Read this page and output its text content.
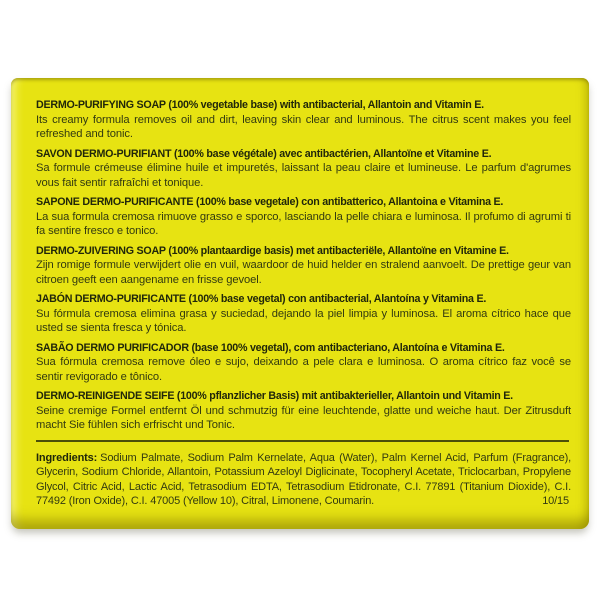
DERMO-PURIFYING SOAP (100% vegetable base) with antibacterial, Allantoin and Vitamin E.
Its creamy formula removes oil and dirt, leaving skin clear and luminous. The citrus scent makes you feel refreshed and tonic.
SAVON DERMO-PURIFIANT (100% base végétale) avec antibactérien, Allantoïne et Vitamine E.
Sa formule crémeuse élimine huile et impuretés, laissant la peau claire et lumineuse. Le parfum d'agrumes vous fait sentir rafraîchi et tonique.
SAPONE DERMO-PURIFICANTE (100% base vegetale) con antibatterico, Allantoina e Vitamina E.
La sua formula cremosa rimuove grasso e sporco, lasciando la pelle chiara e luminosa. Il profumo di agrumi ti fa sentire fresco e tonico.
DERMO-ZUIVERING SOAP (100% plantaardige basis) met antibacteriële, Allantoïne en Vitamine E.
Zijn romige formule verwijdert olie en vuil, waardoor de huid helder en stralend aanvoelt. De prettige geur van citroen geeft een aangename en frisse gevoel.
JABÓN DERMO-PURIFICANTE (100% base vegetal) con antibacterial, Alantoína y Vitamina E.
Su fórmula cremosa elimina grasa y suciedad, dejando la piel limpia y luminosa. El aroma cítrico hace que usted se sienta fresca y tónica.
SABÃO DERMO PURIFICADOR (base 100% vegetal), com antibacteriano, Alantoína e Vitamina E.
Sua fórmula cremosa remove óleo e sujo, deixando a pele clara e luminosa. O aroma cítrico faz você se sentir revigorado e tônico.
DERMO-REINIGENDE SEIFE (100% pflanzlicher Basis) mit antibakterieller, Allantoin und Vitamin E.
Seine cremige Formel entfernt Öl und schmutzig für eine leuchtende, glatte und weiche haut. Der Zitrusduft macht Sie fühlen sich erfrischt und Tonic.
Ingredients: Sodium Palmate, Sodium Palm Kernelate, Aqua (Water), Palm Kernel Acid, Parfum (Fragrance), Glycerin, Sodium Chloride, Allantoin, Potassium Azeloyl Diglicinate, Tocopheryl Acetate, Triclocarban, Propylene Glycol, Citric Acid, Lactic Acid, Tetrasodium EDTA, Tetrasodium Etidronate, C.I. 77891 (Titanium Dioxide), C.I. 77492 (Iron Oxide), C.I. 47005 (Yellow 10), Citral, Limonene, Coumarin.	10/15
